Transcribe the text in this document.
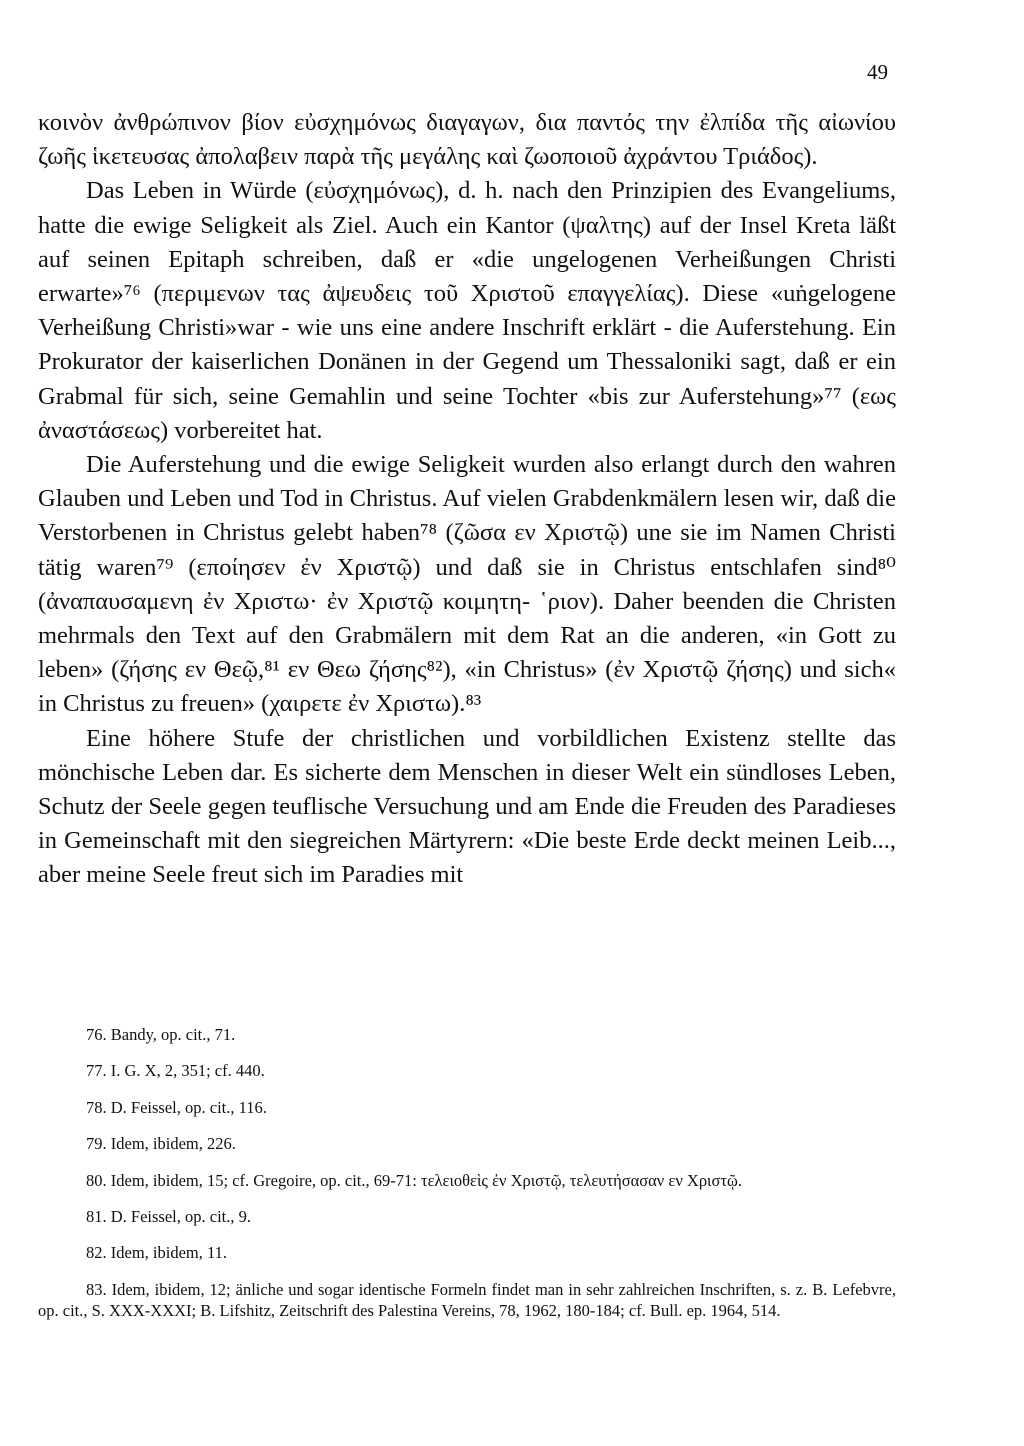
49

κοινὸν ἀνθρώπινον βίον εὐσχημόνως διαγαγων, δια παντός την ἐλπίδα τῆς αἰωνίου ζωῆς ἱκετευσας ἀπολαβειν παρὰ τῆς μεγάλης καὶ ζωοποιοῦ ἀχράντου Τριάδος).

Das Leben in Würde (εὐσχημόνως), d. h. nach den Prinzipien des Evangeliums, hatte die ewige Seligkeit als Ziel. Auch ein Kantor (ψαλτης) auf der Insel Kreta läßt auf seinen Epitaph schreiben, daß er «die ungelogenen Verheißungen Christi erwarte»⁷⁶ (περιμενων τας ἀψευδεις τοῦ Χριστοῦ επαγγελίας). Diese «uṅgelogene Verheißung Christi»war - wie uns eine andere Inschrift erklärt - die Auferstehung. Ein Prokurator der kaiserlichen Donänen in der Gegend um Thessaloniki sagt, daß er ein Grabmal für sich, seine Gemahlin und seine Tochter «bis zur Auferstehung»⁷⁷ (εως ἀναστάσεως) vorbereitet hat.

Die Auferstehung und die ewige Seligkeit wurden also erlangt durch den wahren Glauben und Leben und Tod in Christus. Auf vielen Grabdenkmälern lesen wir, daß die Verstorbenen in Christus gelebt haben⁷⁸ (ζῶσα εν Χριστῷ) une sie im Namen Christi tätig waren⁷⁹ (εποίησεν ἐν Χριστῷ) und daß sie in Christus entschlafen sind⁸⁰ (ἀναπαυσαμενη ἐν Χριστω· ἐν Χριστῷ κοιμητη- ῾ριον). Daher beenden die Christen mehrmals den Text auf den Grabmälern mit dem Rat an die anderen, «in Gott zu leben» (ζήσης εν Θεῷ,⁸¹ εν Θεω ζήσης⁸²), «in Christus» (ἐν Χριστῷ ζήσης) und sich« in Christus zu freuen» (χαιρετε ἐν Χριστω).⁸³

Eine höhere Stufe der christlichen und vorbildlichen Existenz stellte das mönchische Leben dar. Es sicherte dem Menschen in dieser Welt ein sündloses Leben, Schutz der Seele gegen teuflische Versuchung und am Ende die Freuden des Paradieses in Gemeinschaft mit den siegreichen Märtyrern: «Die beste Erde deckt meinen Leib..., aber meine Seele freut sich im Paradies mit

76. Bandy, op. cit., 71.
77. I. G. X, 2, 351; cf. 440.
78. D. Feissel, op. cit., 116.
79. Idem, ibidem, 226.
80. Idem, ibidem, 15; cf. Gregoire, op. cit., 69-71: τελειοθεὶς ἐν Χριστῷ, τελευτήσασαν εν Χριστῷ.
81. D. Feissel, op. cit., 9.
82. Idem, ibidem, 11.
83. Idem, ibidem, 12; änliche und sogar identische Formeln findet man in sehr zahlreichen Inschriften, s. z. B. Lefebvre, op. cit., S. XXX-XXXI; B. Lifshitz, Zeitschrift des Palestina Vereins, 78, 1962, 180-184; cf. Bull. ep. 1964, 514.
